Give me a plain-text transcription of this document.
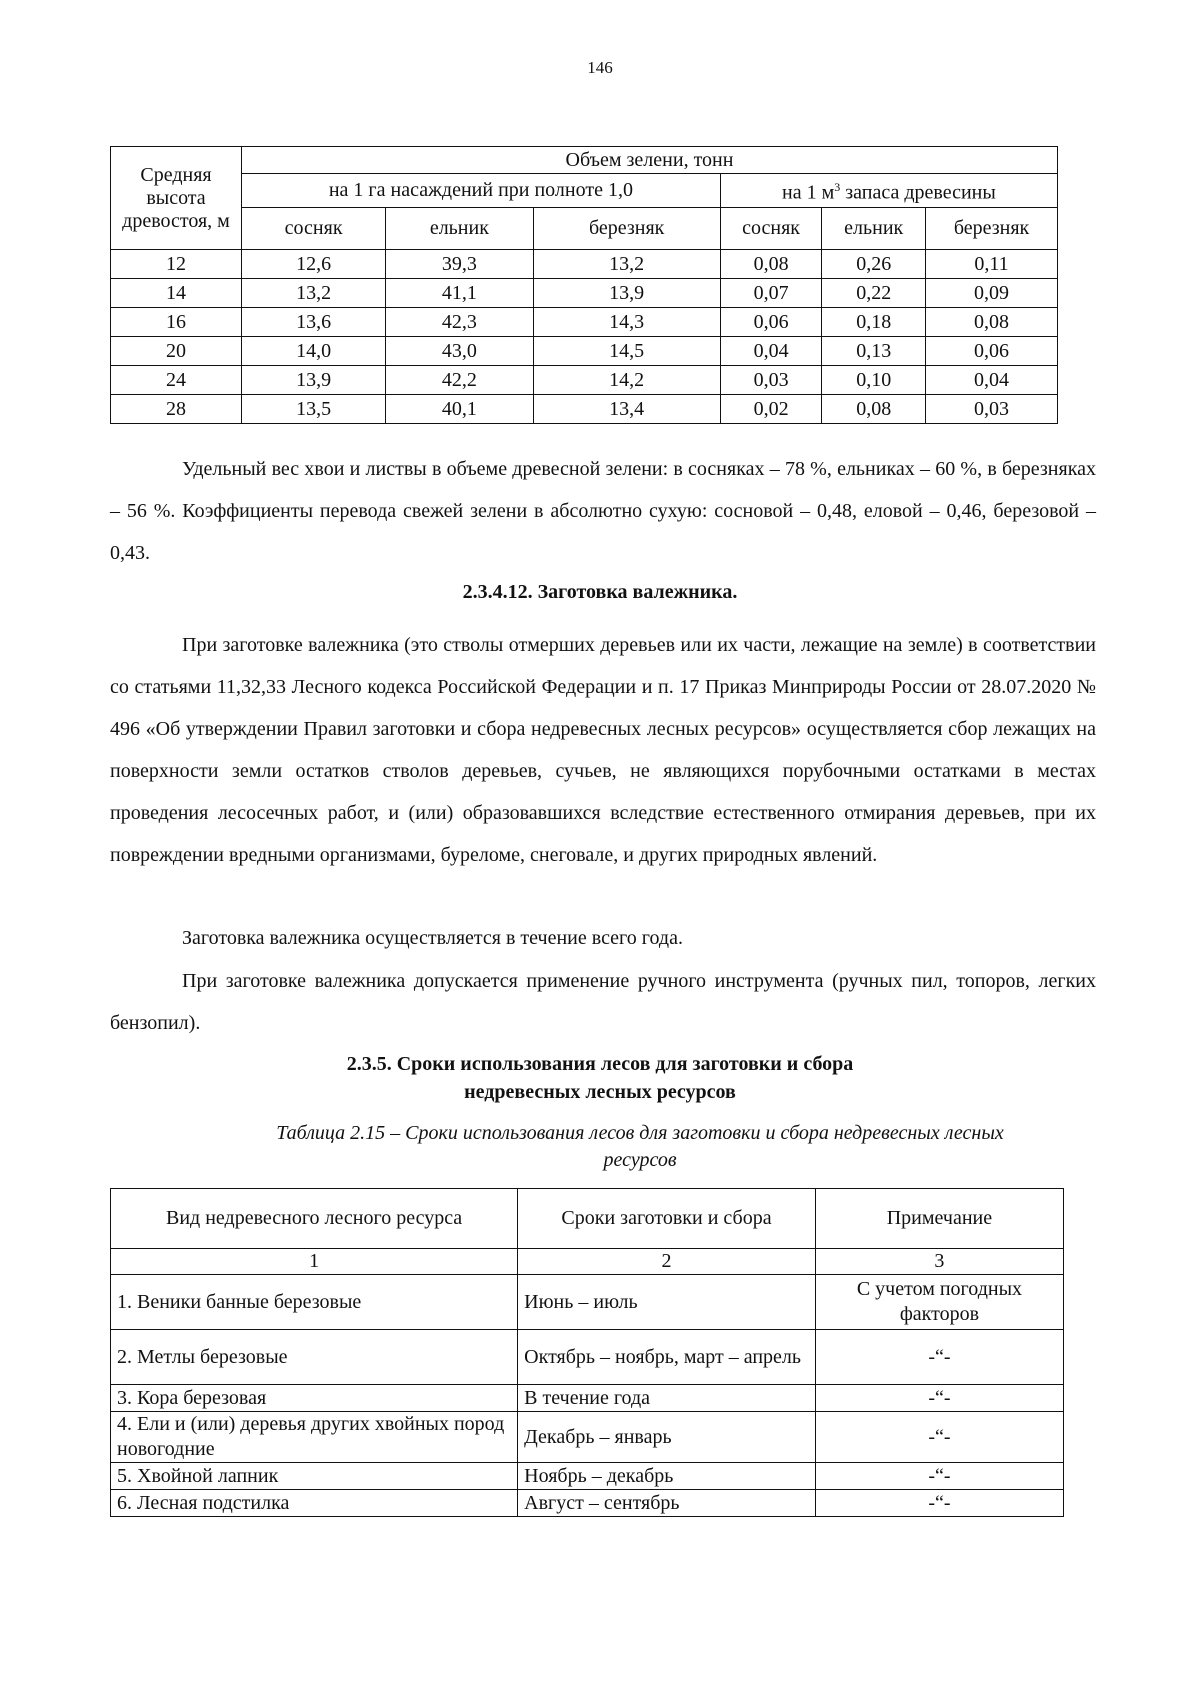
146
Средняя высота древостоя, м	Объем зелени, тонн					
	на 1 га насаждений при полноте 1,0			на 1 $м^3$ запаса древесины		
	сосняк	ельник	березняк	сосняк	ельник	березняк
12	12,6	39,3	13,2	0,08	0,26	0,11
14	13,2	41,1	13,9	0,07	0,22	0,09
16	13,6	42,3	14,3	0,06	0,18	0,08
20	14,0	43,0	14,5	0,04	0,13	0,06
24	13,9	42,2	14,2	0,03	0,10	0,04
28	13,5	40,1	13,4	0,02	0,08	0,03
Удельный вес хвои и листвы в объеме древесной зелени: в сосняках – 78 %, ельниках – 60 %, в березняках – 56 %. Коэффициенты перевода свежей зелени в абсолютно сухую: сосновой – 0,48, еловой – 0,46, березовой – 0,43.
2.3.4.12. Заготовка валежника.
При заготовке валежника (это стволы отмерших деревьев или их части, лежащие на земле) в соответствии со статьями 11,32,33 Лесного кодекса Российской Федерации и п. 17 Приказ Минприроды России от 28.07.2020 № 496 «Об утверждении Правил заготовки и сбора недревесных лесных ресурсов» осуществляется сбор лежащих на поверхности земли остатков стволов деревьев, сучьев, не являющихся порубочными остатками в местах проведения лесосечных работ, и (или) образовавшихся вследствие естественного отмирания деревьев, при их повреждении вредными организмами, буреломе, снеговале, и других природных явлений.
Заготовка валежника осуществляется в течение всего года.
При заготовке валежника допускается применение ручного инструмента (ручных пил, топоров, легких бензопил).
2.3.5. Сроки использования лесов для заготовки и сбора
недревесных лесных ресурсов
Таблица 2.15 – Сроки использования лесов для заготовки и сбора недревесных лесных
ресурсов
Вид недревесного лесного ресурса	Сроки заготовки и сбора	Примечание
1	2	3
1. Веники банные березовые	Июнь – июль	С учетом погодных факторов
2. Метлы березовые	Октябрь – ноябрь, март – апрель	-“-
3. Кора березовая	В течение года	-“-
4. Ели и (или) деревья других хвойных пород новогодние	Декабрь – январь	-“-
5. Хвойной лапник	Ноябрь – декабрь	-“-
6. Лесная подстилка	Август – сентябрь	-“-
